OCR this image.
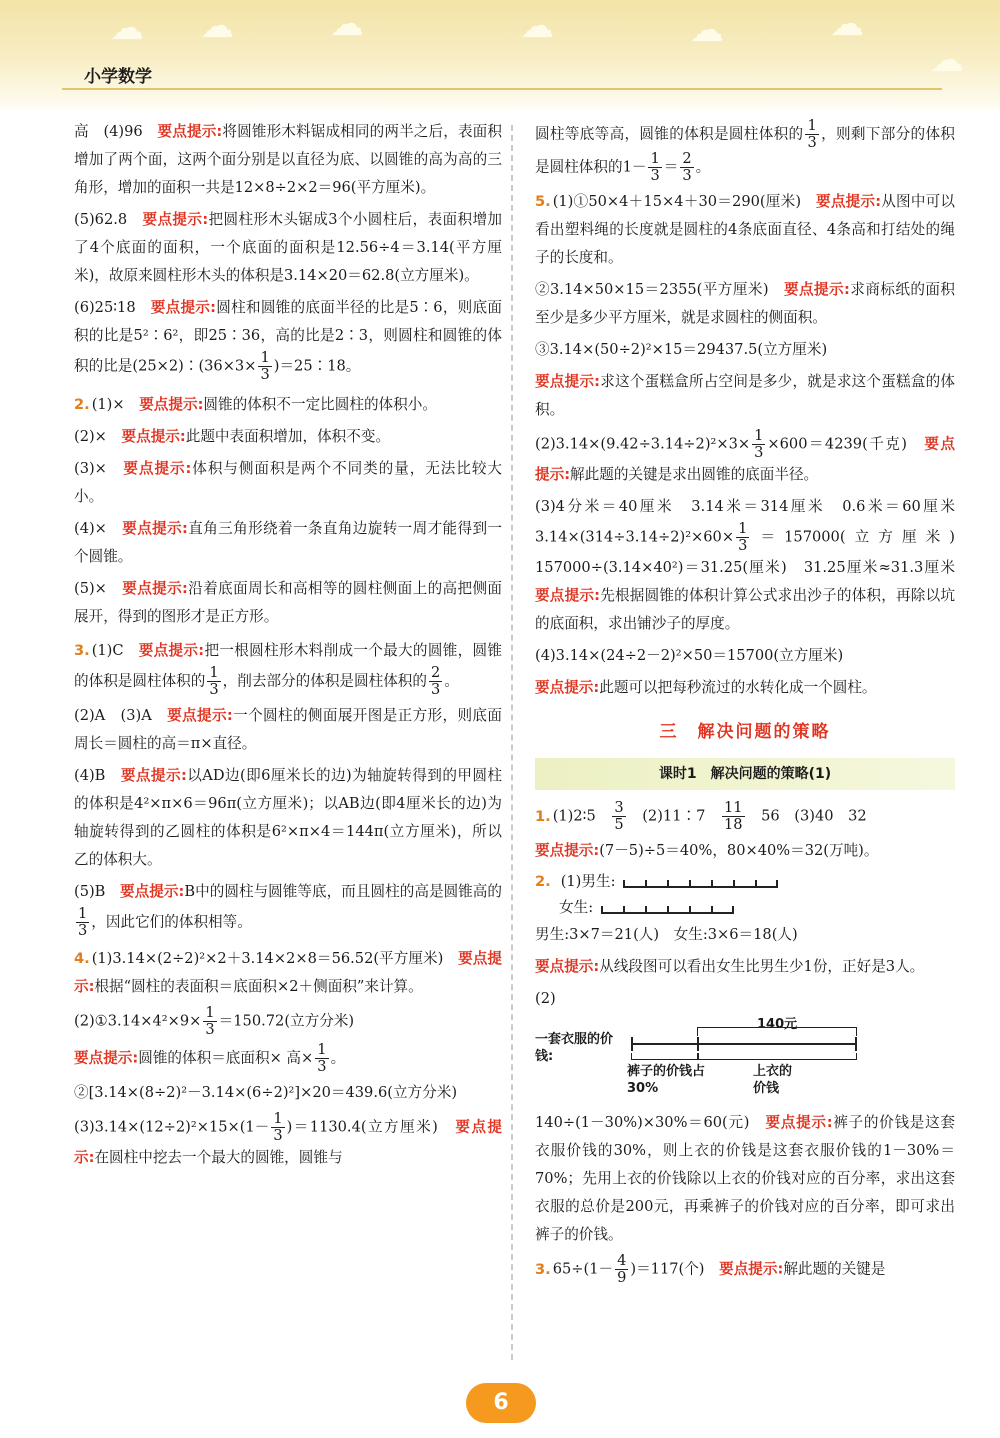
☁ ☁	☁	☁	☁	☁
☁
小学数学

高　(4)96　要点提示:将圆锥形木料锯成相同的两半之后，表面积增加了两个面，这两个面分别是以直径为底、以圆锥的高为高的三角形，增加的面积一共是12×8÷2×2＝96(平方厘米)。

(5)62.8　要点提示:把圆柱形木头锯成3个小圆柱后，表面积增加了4个底面的面积，一个底面的面积是12.56÷4＝3.14(平方厘米)，故原来圆柱形木头的体积是3.14×20＝62.8(立方厘米)。

(6)25∶18　要点提示:圆柱和圆锥的底面半径的比是5∶6，则底面积的比是5²∶6²，即25∶36，高的比是2∶3，则圆柱和圆锥的体积的比是(25×2)∶(36×3× $\frac{1}{3}$ )＝25∶18。

2. (1)×　要点提示:圆锥的体积不一定比圆柱的体积小。

(2)×　要点提示:此题中表面积增加，体积不变。

(3)×　要点提示:体积与侧面积是两个不同类的量，无法比较大小。

(4)×　要点提示:直角三角形绕着一条直角边旋转一周才能得到一个圆锥。

(5)×　要点提示:沿着底面周长和高相等的圆柱侧面上的高把侧面展开，得到的图形才是正方形。

3. (1)C　要点提示:把一根圆柱形木料削成一个最大的圆锥，圆锥的体积是圆柱体积的 $\frac{1}{3}$ ，削去部分的体积是圆柱体积的 $\frac{2}{3}$ 。

(2)A　(3)A　要点提示:一个圆柱的侧面展开图是正方形，则底面周长＝圆柱的高＝π×直径。

(4)B　要点提示:以AD边(即6厘米长的边)为轴旋转得到的甲圆柱的体积是4²×π×6＝96π(立方厘米)；以AB边(即4厘米长的边)为轴旋转得到的乙圆柱的体积是6²×π×4＝144π(立方厘米)，所以乙的体积大。

(5)B　要点提示:B中的圆柱与圆锥等底，而且圆柱的高是圆锥高的
$\frac{1}{3}$ ，因此它们的体积相等。

4. (1)3.14×(2÷2)²×2＋3.14×2×8＝56.52(平方厘米)　要点提示:根据“圆柱的表面积＝底面积×2＋侧面积”来计算。

(2)①3.14×4²×9× $\frac{1}{3} =150.72$(立方分米)

要点提示:圆锥的体积＝底面积× 高× $\frac{1}{3}$ 。

②[3.14×(8÷2)²－3.14×(6÷2)²]×20＝439.6(立方分米)

$(3)3.14\times(12\div 2)^2\times 15\times(1- \frac{1}{3} )=1130.4$(立方厘米)　要点提示:在圆柱中挖去一个最大的圆锥，圆锥与

圆柱等底等高，圆锥的体积是圆柱体积的 $\frac{1}{3}$ ，则剩下部分的体积是圆柱体积的$1- \frac{1}{3} = \frac{2}{3}$ 。

5. (1)①50×4＋15×4＋30＝290(厘米)　要点提示:从图中可以看出塑料绳的长度就是圆柱的4条底面直径、4条高和打结处的绳子的长度和。

②3.14×50×15＝2355(平方厘米)　要点提示:求商标纸的面积至少是多少平方厘米，就是求圆柱的侧面积。

③3.14×(50÷2)²×15＝29437.5(立方厘米)

要点提示:求这个蛋糕盒所占空间是多少，就是求这个蛋糕盒的体积。

$(2)3.14\times(9.42\div 3.14\div 2)^2\times 3\times \frac{1}{3} \times 600=4239$(千克)　要点提示:解此题的关键是求出圆锥的底面半径。

(3)4分米＝40厘米　3.14米＝314厘米　0.6米＝60厘米　$3.14\times(314\div 3.14\div 2)^2\times 60\times \frac{1}{3} =157000$(立方厘米)　157000÷(3.14×40²)＝31.25(厘米)　31.25厘米≈31.3厘米　要点提示:先根据圆锥的体积计算公式求出沙子的体积，再除以坑的底面积，求出铺沙子的厚度。

(4)3.14×(24÷2－2)²×50＝15700(立方厘米)

要点提示:此题可以把每秒流过的水转化成一个圆柱。

三　解决问题的策略
课时1　解决问题的策略(1)

1. (1)2∶5　 $\frac{3}{5}$ 　(2)11∶7　 $\frac{11}{18}$ 　56　(3)40　32

要点提示:(7－5)÷5＝40%，80×40%＝32(万吨)。

2. (1)男生:
女生:

男生:3×7＝21(人)　女生:3×6＝18(人)

要点提示:从线段图可以看出女生比男生少1份，正好是3人。

(2)

140元
一套衣服的价钱:
裤子的价钱占30%
上衣的价钱

140÷(1－30%)×30%＝60(元)　要点提示:裤子的价钱是这套衣服价钱的30%，则上衣的价钱是这套衣服价钱的1－30%＝70%；先用上衣的价钱除以上衣的价钱对应的百分率，求出这套衣服的总价是200元，再乘裤子的价钱对应的百分率，即可求出裤子的价钱。

3. $65\div(1- \frac{4}{9} )=117$(个)　要点提示:解此题的关键是

6
